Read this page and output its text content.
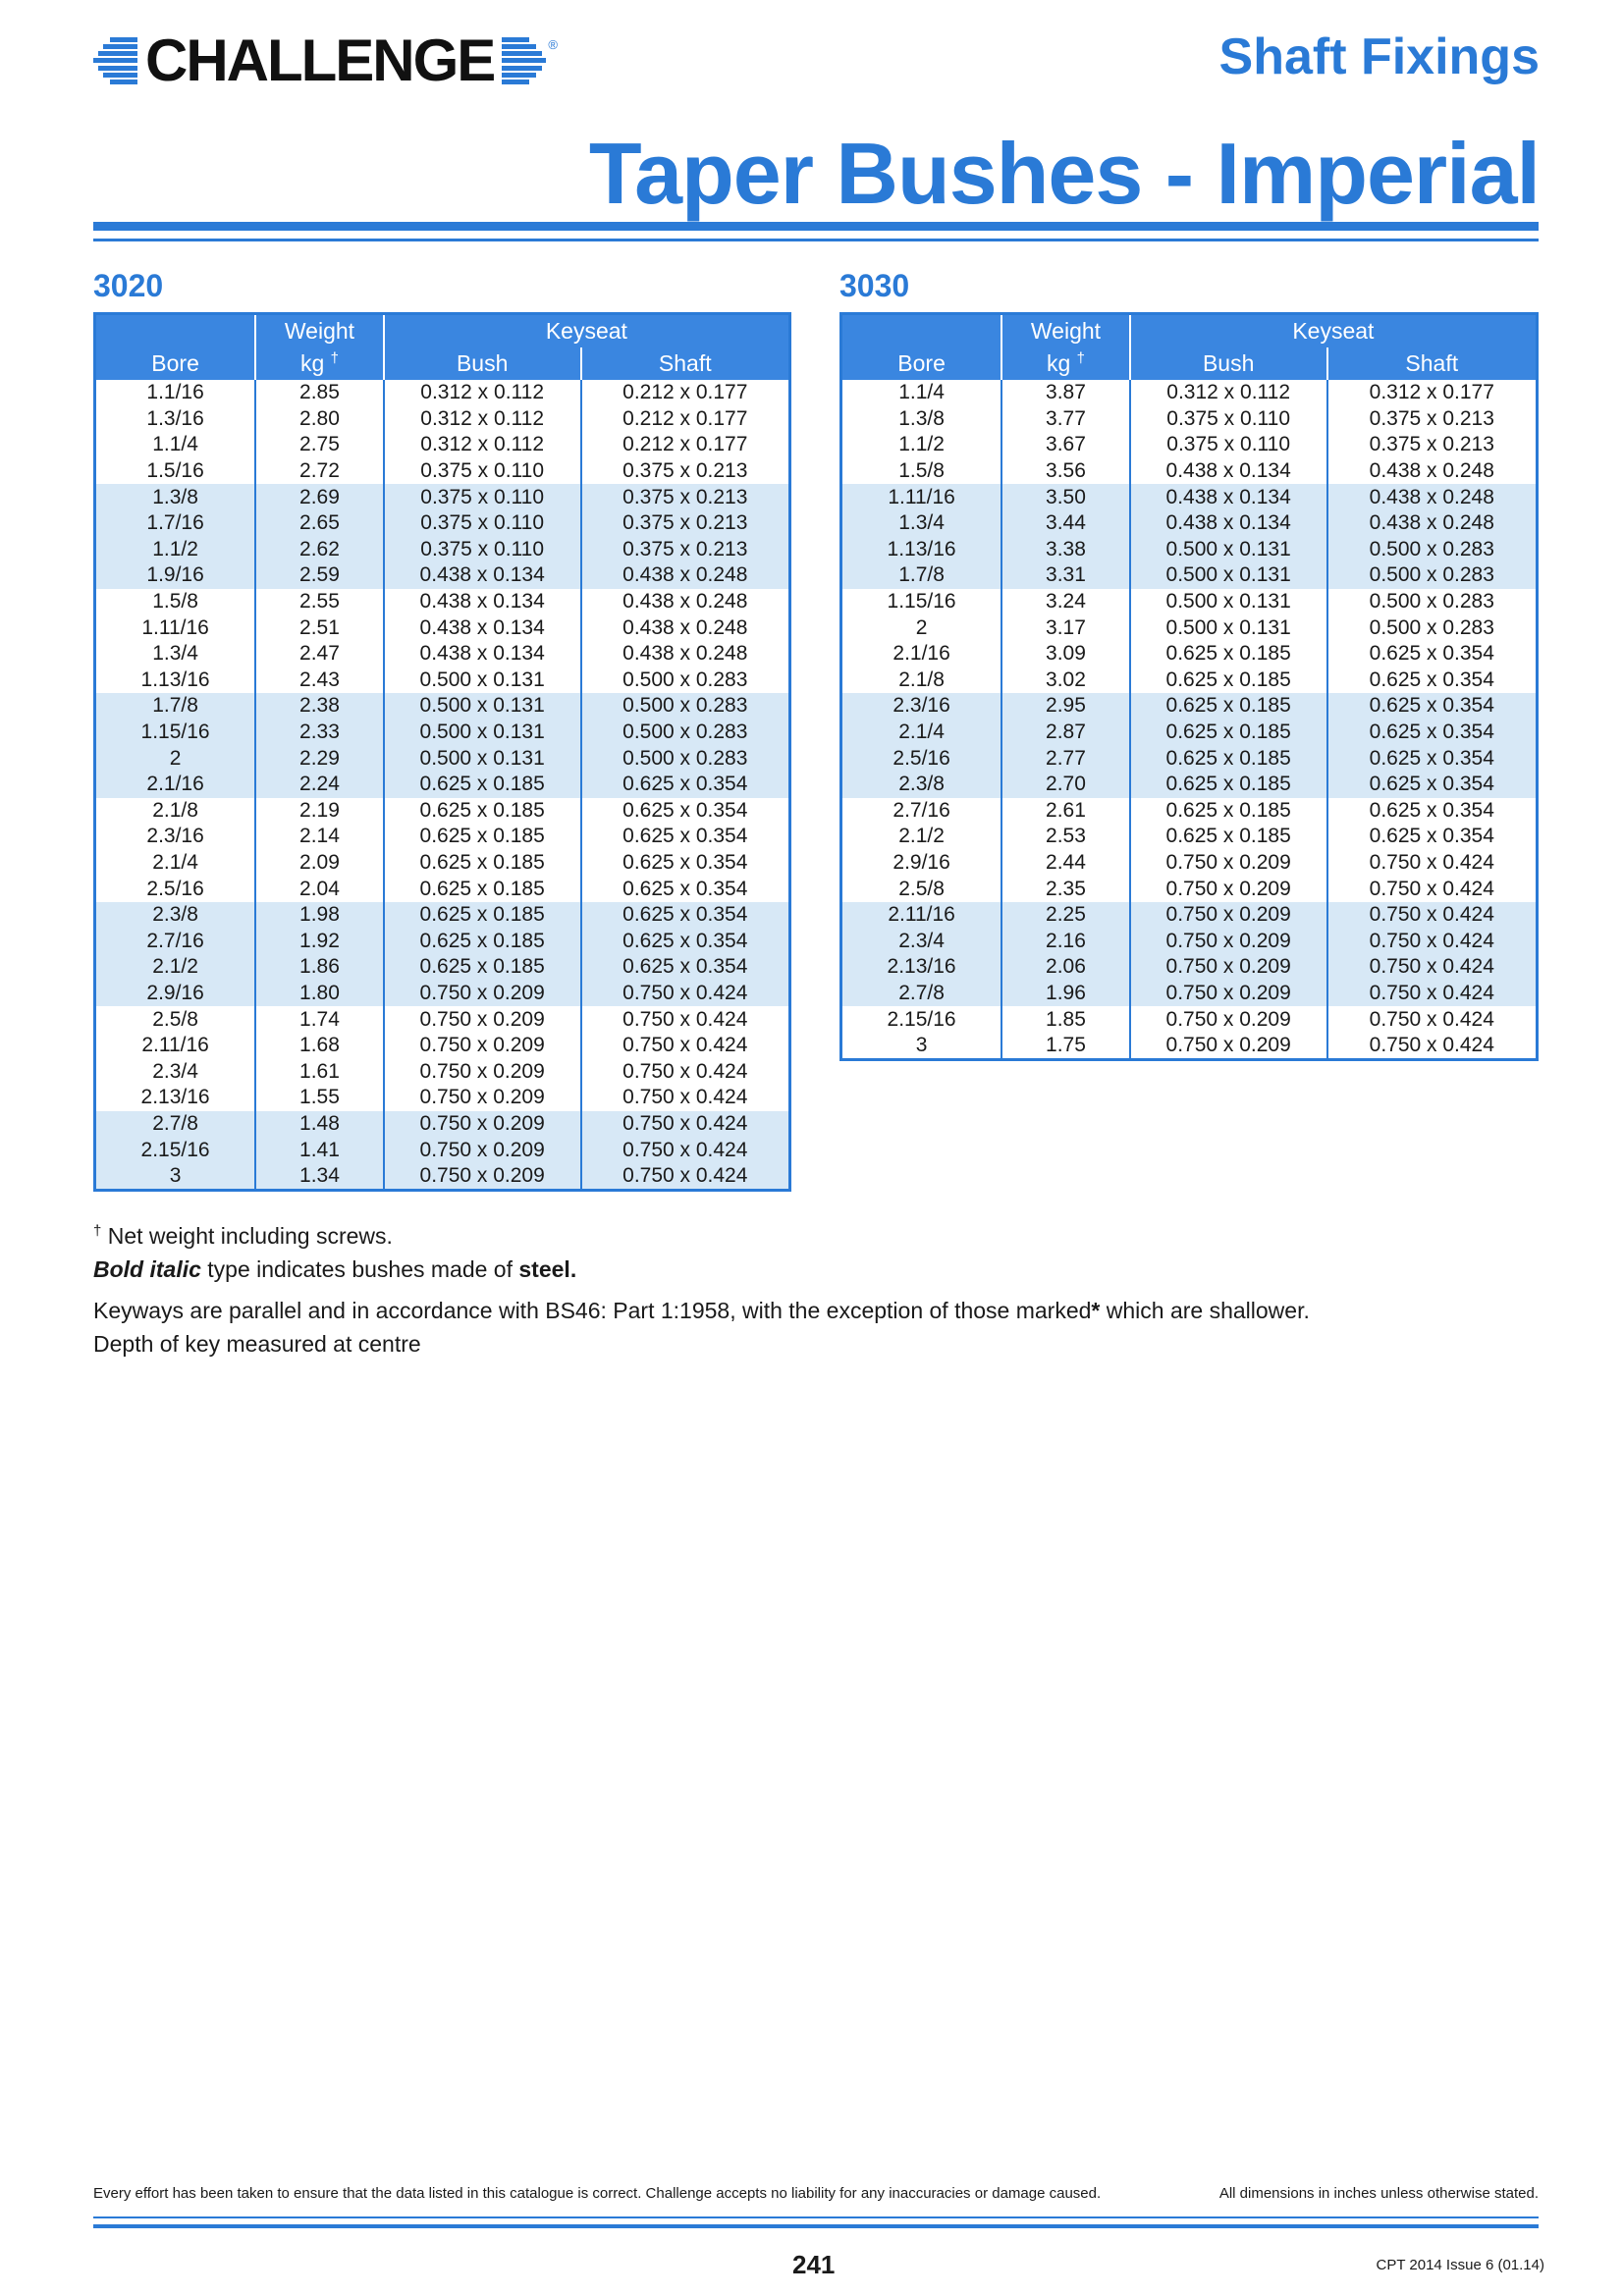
CHALLENGE	®	Shaft Fixings
Taper Bushes - Imperial
3020
	Weight	Keyseat	
Bore	kg †	Bush	Shaft
1.1/16	2.85	0.312 x 0.112	0.212 x 0.177
1.3/16	2.80	0.312 x 0.112	0.212 x 0.177
1.1/4	2.75	0.312 x 0.112	0.212 x 0.177
1.5/16	2.72	0.375 x 0.110	0.375 x 0.213
1.3/8	2.69	0.375 x 0.110	0.375 x 0.213
1.7/16	2.65	0.375 x 0.110	0.375 x 0.213
1.1/2	2.62	0.375 x 0.110	0.375 x 0.213
1.9/16	2.59	0.438 x 0.134	0.438 x 0.248
1.5/8	2.55	0.438 x 0.134	0.438 x 0.248
1.11/16	2.51	0.438 x 0.134	0.438 x 0.248
1.3/4	2.47	0.438 x 0.134	0.438 x 0.248
1.13/16	2.43	0.500 x 0.131	0.500 x 0.283
1.7/8	2.38	0.500 x 0.131	0.500 x 0.283
1.15/16	2.33	0.500 x 0.131	0.500 x 0.283
2	2.29	0.500 x 0.131	0.500 x 0.283
2.1/16	2.24	0.625 x 0.185	0.625 x 0.354
2.1/8	2.19	0.625 x 0.185	0.625 x 0.354
2.3/16	2.14	0.625 x 0.185	0.625 x 0.354
2.1/4	2.09	0.625 x 0.185	0.625 x 0.354
2.5/16	2.04	0.625 x 0.185	0.625 x 0.354
2.3/8	1.98	0.625 x 0.185	0.625 x 0.354
2.7/16	1.92	0.625 x 0.185	0.625 x 0.354
2.1/2	1.86	0.625 x 0.185	0.625 x 0.354
2.9/16	1.80	0.750 x 0.209	0.750 x 0.424
2.5/8	1.74	0.750 x 0.209	0.750 x 0.424
2.11/16	1.68	0.750 x 0.209	0.750 x 0.424
2.3/4	1.61	0.750 x 0.209	0.750 x 0.424
2.13/16	1.55	0.750 x 0.209	0.750 x 0.424
2.7/8	1.48	0.750 x 0.209	0.750 x 0.424
2.15/16	1.41	0.750 x 0.209	0.750 x 0.424
3	1.34	0.750 x 0.209	0.750 x 0.424
3030
	Weight	Keyseat	
Bore	kg †	Bush	Shaft
1.1/4	3.87	0.312 x 0.112	0.312 x 0.177
1.3/8	3.77	0.375 x 0.110	0.375 x 0.213
1.1/2	3.67	0.375 x 0.110	0.375 x 0.213
1.5/8	3.56	0.438 x 0.134	0.438 x 0.248
1.11/16	3.50	0.438 x 0.134	0.438 x 0.248
1.3/4	3.44	0.438 x 0.134	0.438 x 0.248
1.13/16	3.38	0.500 x 0.131	0.500 x 0.283
1.7/8	3.31	0.500 x 0.131	0.500 x 0.283
1.15/16	3.24	0.500 x 0.131	0.500 x 0.283
2	3.17	0.500 x 0.131	0.500 x 0.283
2.1/16	3.09	0.625 x 0.185	0.625 x 0.354
2.1/8	3.02	0.625 x 0.185	0.625 x 0.354
2.3/16	2.95	0.625 x 0.185	0.625 x 0.354
2.1/4	2.87	0.625 x 0.185	0.625 x 0.354
2.5/16	2.77	0.625 x 0.185	0.625 x 0.354
2.3/8	2.70	0.625 x 0.185	0.625 x 0.354
2.7/16	2.61	0.625 x 0.185	0.625 x 0.354
2.1/2	2.53	0.625 x 0.185	0.625 x 0.354
2.9/16	2.44	0.750 x 0.209	0.750 x 0.424
2.5/8	2.35	0.750 x 0.209	0.750 x 0.424
2.11/16	2.25	0.750 x 0.209	0.750 x 0.424
2.3/4	2.16	0.750 x 0.209	0.750 x 0.424
2.13/16	2.06	0.750 x 0.209	0.750 x 0.424
2.7/8	1.96	0.750 x 0.209	0.750 x 0.424
2.15/16	1.85	0.750 x 0.209	0.750 x 0.424
3	1.75	0.750 x 0.209	0.750 x 0.424
† Net weight including screws.
Bold italic type indicates bushes made of steel.
Keyways are parallel and in accordance with BS46: Part 1:1958, with the exception of those marked* which are shallower.
Depth of key measured at centre
Every effort has been taken to ensure that the data listed in this catalogue is correct. Challenge accepts no liability for any inaccuracies or damage caused.	All dimensions in inches unless otherwise stated.
241	CPT 2014 Issue 6 (01.14)
